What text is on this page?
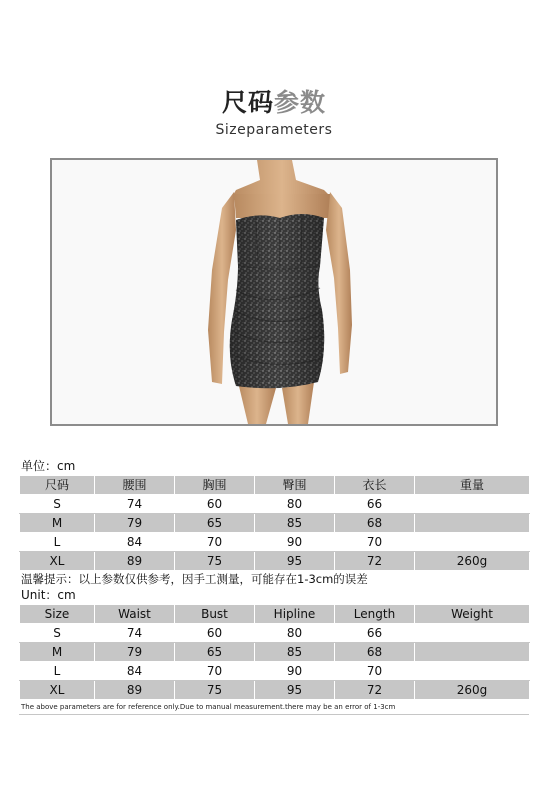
尺码参数
Sizeparameters
单位：cm
尺码	腰围	胸围	臀围	衣长	重量
S	74	60	80	66	
M	79	65	85	68	
L	84	70	90	70	
XL	89	75	95	72	260g
温馨提示：以上参数仅供参考，因手工测量，可能存在1-3cm的误差
Unit：cm
Size	Waist	Bust	Hipline	Length	Weight
S	74	60	80	66	
M	79	65	85	68	
L	84	70	90	70	
XL	89	75	95	72	260g
The above parameters are for reference only.Due to manual measurement.there may be an error of 1-3cm
